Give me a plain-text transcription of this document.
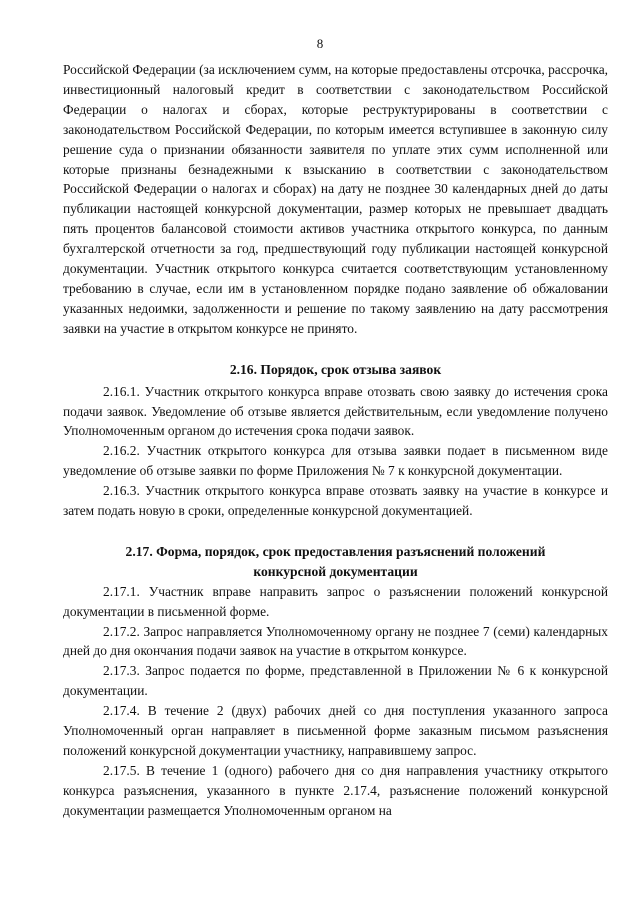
8

Российской Федерации (за исключением сумм, на которые предоставлены отсрочка, рассрочка, инвестиционный налоговый кредит в соответствии с законодательством Российской Федерации о налогах и сборах, которые реструктурированы в соответствии с законодательством Российской Федерации, по которым имеется вступившее в законную силу решение суда о признании обязанности заявителя по уплате этих сумм исполненной или которые признаны безнадежными к взысканию в соответствии с законодательством Российской Федерации о налогах и сборах) на дату не позднее 30 календарных дней до даты публикации настоящей конкурсной документации, размер которых не превышает двадцать пять процентов балансовой стоимости активов участника открытого конкурса, по данным бухгалтерской отчетности за год, предшествующий году публикации настоящей конкурсной документации. Участник открытого конкурса считается соответствующим установленному требованию в случае, если им в установленном порядке подано заявление об обжаловании указанных недоимки, задолженности и решение по такому заявлению на дату рассмотрения заявки на участие в открытом конкурсе не принято.

2.16. Порядок, срок отзыва заявок

2.16.1. Участник открытого конкурса вправе отозвать свою заявку до истечения срока подачи заявок. Уведомление об отзыве является действительным, если уведомление получено Уполномоченным органом до истечения срока подачи заявок.

2.16.2. Участник открытого конкурса для отзыва заявки подает в письменном виде уведомление об отзыве заявки по форме Приложения № 7 к конкурсной документации.

2.16.3. Участник открытого конкурса вправе отозвать заявку на участие в конкурсе и затем подать новую в сроки, определенные конкурсной документацией.

2.17. Форма, порядок, срок предоставления разъяснений положений
конкурсной документации

2.17.1. Участник вправе направить запрос о разъяснении положений конкурсной документации в письменной форме.

2.17.2. Запрос направляется Уполномоченному органу не позднее 7 (семи) календарных дней до дня окончания подачи заявок на участие в открытом конкурсе.

2.17.3. Запрос подается по форме, представленной в Приложении № 6 к конкурсной документации.

2.17.4. В течение 2 (двух) рабочих дней со дня поступления указанного запроса Уполномоченный орган направляет в письменной форме заказным письмом разъяснения положений конкурсной документации участнику, направившему запрос.

2.17.5. В течение 1 (одного) рабочего дня со дня направления участнику открытого конкурса разъяснения, указанного в пункте 2.17.4, разъяснение положений конкурсной документации размещается Уполномоченным органом на
